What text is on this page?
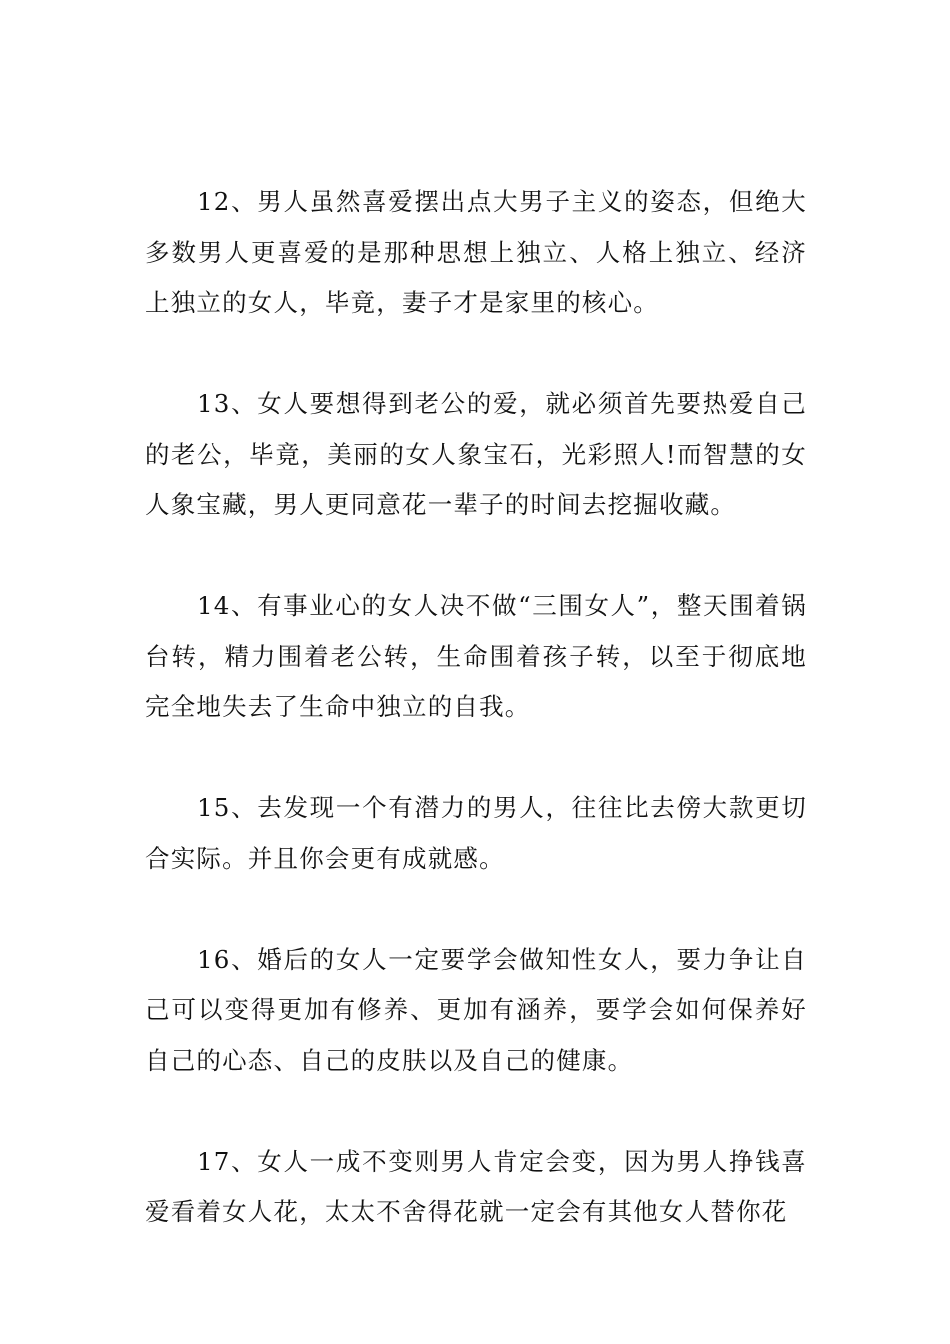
12、男人虽然喜爱摆出点大男子主义的姿态，但绝大多数男人更喜爱的是那种思想上独立、人格上独立、经济上独立的女人，毕竟，妻子才是家里的核心。

13、女人要想得到老公的爱，就必须首先要热爱自己的老公，毕竟，美丽的女人象宝石，光彩照人!而智慧的女人象宝藏，男人更同意花一辈子的时间去挖掘收藏。

14、有事业心的女人决不做“三围女人”，整天围着锅台转，精力围着老公转，生命围着孩子转，以至于彻底地完全地失去了生命中独立的自我。

15、去发现一个有潜力的男人，往往比去傍大款更切合实际。并且你会更有成就感。

16、婚后的女人一定要学会做知性女人，要力争让自己可以变得更加有修养、更加有涵养，要学会如何保养好自己的心态、自己的皮肤以及自己的健康。

17、女人一成不变则男人肯定会变，因为男人挣钱喜爱看着女人花，太太不舍得花就一定会有其他女人替你花
